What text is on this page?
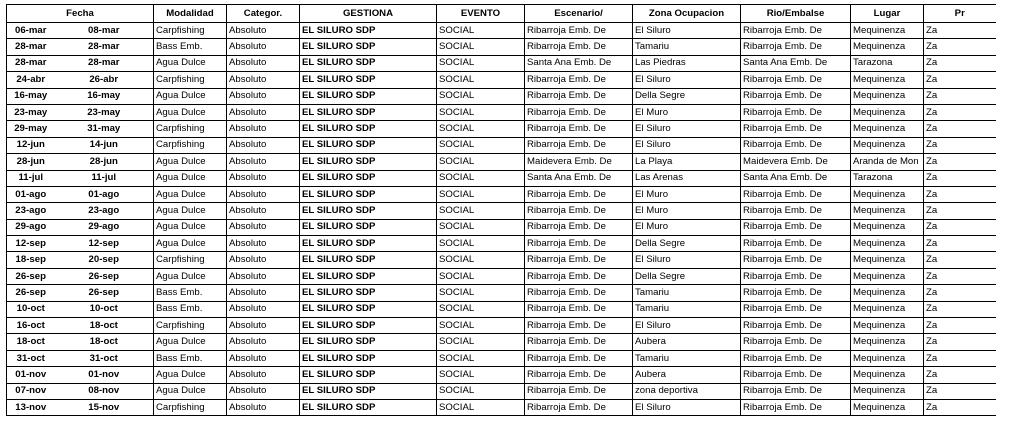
Fecha		Modalidad	Categor.	GESTIONA	EVENTO	Escenario/	Zona Ocupacion	Rio/Embalse	Lugar	Pr
06-mar	08-mar	Carpfishing	Absoluto	EL SILURO SDP	SOCIAL	Ribarroja Emb. De	El Siluro	Ribarroja Emb. De	Mequinenza	Za
28-mar	28-mar	Bass Emb.	Absoluto	EL SILURO SDP	SOCIAL	Ribarroja Emb. De	Tamariu	Ribarroja Emb. De	Mequinenza	Za
28-mar	28-mar	Agua Dulce	Absoluto	EL SILURO SDP	SOCIAL	Santa Ana Emb. De	Las Piedras	Santa Ana Emb. De	Tarazona	Za
24-abr	26-abr	Carpfishing	Absoluto	EL SILURO SDP	SOCIAL	Ribarroja Emb. De	El Siluro	Ribarroja Emb. De	Mequinenza	Za
16-may	16-may	Agua Dulce	Absoluto	EL SILURO SDP	SOCIAL	Ribarroja Emb. De	Della Segre	Ribarroja Emb. De	Mequinenza	Za
23-may	23-may	Agua Dulce	Absoluto	EL SILURO SDP	SOCIAL	Ribarroja Emb. De	El Muro	Ribarroja Emb. De	Mequinenza	Za
29-may	31-may	Carpfishing	Absoluto	EL SILURO SDP	SOCIAL	Ribarroja Emb. De	El Siluro	Ribarroja Emb. De	Mequinenza	Za
12-jun	14-jun	Carpfishing	Absoluto	EL SILURO SDP	SOCIAL	Ribarroja Emb. De	El Siluro	Ribarroja Emb. De	Mequinenza	Za
28-jun	28-jun	Agua Dulce	Absoluto	EL SILURO SDP	SOCIAL	Maidevera Emb. De	La Playa	Maidevera Emb. De	Aranda de Mon	Za
11-jul	11-jul	Agua Dulce	Absoluto	EL SILURO SDP	SOCIAL	Santa Ana Emb. De	Las Arenas	Santa Ana Emb. De	Tarazona	Za
01-ago	01-ago	Agua Dulce	Absoluto	EL SILURO SDP	SOCIAL	Ribarroja Emb. De	El Muro	Ribarroja Emb. De	Mequinenza	Za
23-ago	23-ago	Agua Dulce	Absoluto	EL SILURO SDP	SOCIAL	Ribarroja Emb. De	El Muro	Ribarroja Emb. De	Mequinenza	Za
29-ago	29-ago	Agua Dulce	Absoluto	EL SILURO SDP	SOCIAL	Ribarroja Emb. De	El Muro	Ribarroja Emb. De	Mequinenza	Za
12-sep	12-sep	Agua Dulce	Absoluto	EL SILURO SDP	SOCIAL	Ribarroja Emb. De	Della Segre	Ribarroja Emb. De	Mequinenza	Za
18-sep	20-sep	Carpfishing	Absoluto	EL SILURO SDP	SOCIAL	Ribarroja Emb. De	El Siluro	Ribarroja Emb. De	Mequinenza	Za
26-sep	26-sep	Agua Dulce	Absoluto	EL SILURO SDP	SOCIAL	Ribarroja Emb. De	Della Segre	Ribarroja Emb. De	Mequinenza	Za
26-sep	26-sep	Bass Emb.	Absoluto	EL SILURO SDP	SOCIAL	Ribarroja Emb. De	Tamariu	Ribarroja Emb. De	Mequinenza	Za
10-oct	10-oct	Bass Emb.	Absoluto	EL SILURO SDP	SOCIAL	Ribarroja Emb. De	Tamariu	Ribarroja Emb. De	Mequinenza	Za
16-oct	18-oct	Carpfishing	Absoluto	EL SILURO SDP	SOCIAL	Ribarroja Emb. De	El Siluro	Ribarroja Emb. De	Mequinenza	Za
18-oct	18-oct	Agua Dulce	Absoluto	EL SILURO SDP	SOCIAL	Ribarroja Emb. De	Aubera	Ribarroja Emb. De	Mequinenza	Za
31-oct	31-oct	Bass Emb.	Absoluto	EL SILURO SDP	SOCIAL	Ribarroja Emb. De	Tamariu	Ribarroja Emb. De	Mequinenza	Za
01-nov	01-nov	Agua Dulce	Absoluto	EL SILURO SDP	SOCIAL	Ribarroja Emb. De	Aubera	Ribarroja Emb. De	Mequinenza	Za
07-nov	08-nov	Agua Dulce	Absoluto	EL SILURO SDP	SOCIAL	Ribarroja Emb. De	zona deportiva	Ribarroja Emb. De	Mequinenza	Za
13-nov	15-nov	Carpfishing	Absoluto	EL SILURO SDP	SOCIAL	Ribarroja Emb. De	El Siluro	Ribarroja Emb. De	Mequinenza	Za
